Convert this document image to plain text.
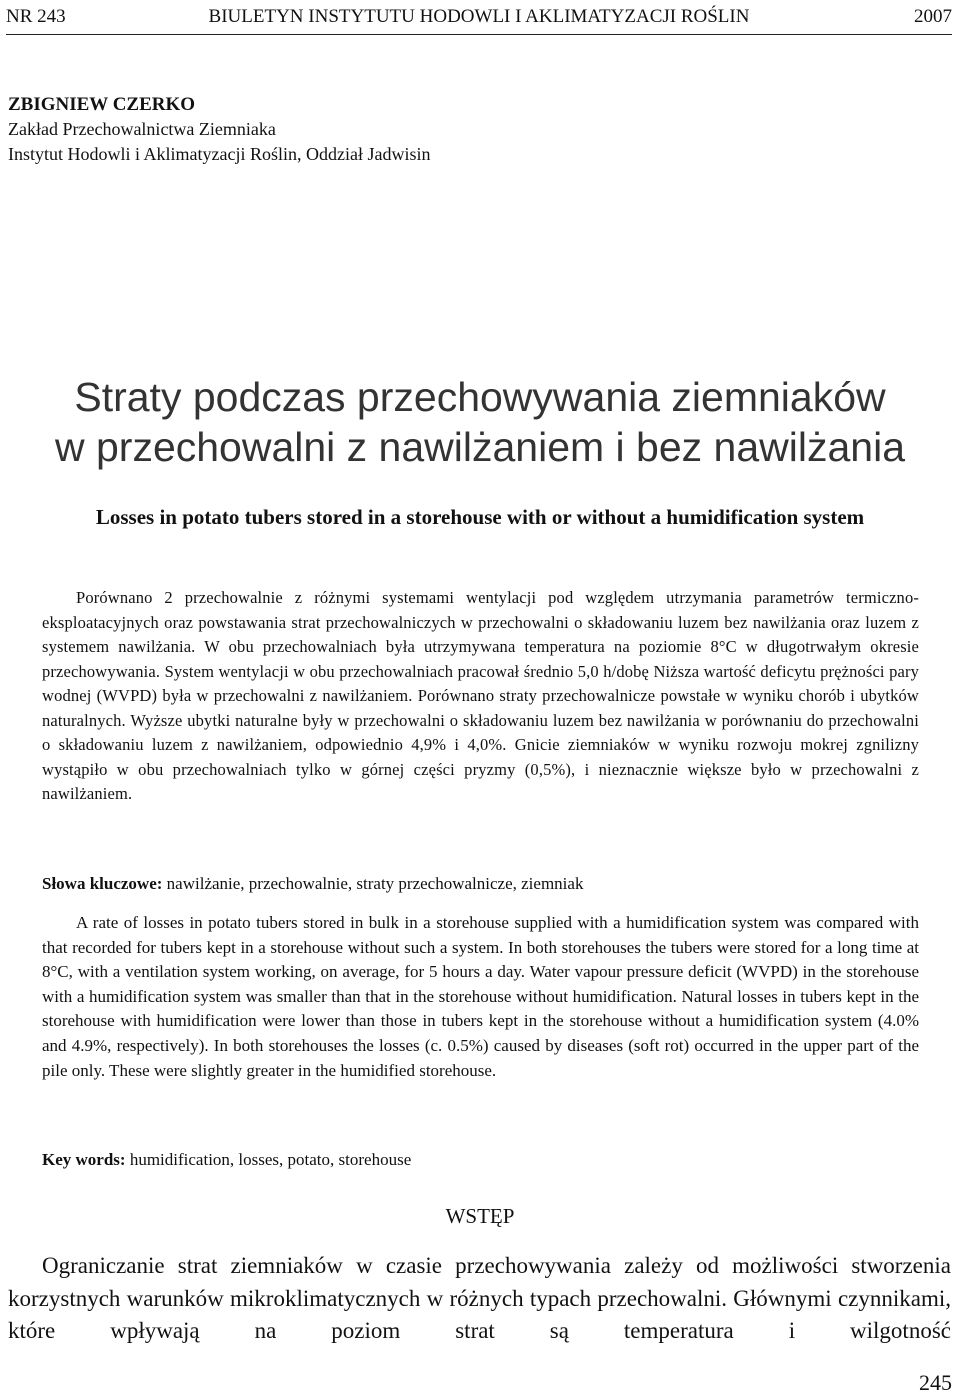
NR 243	BIULETYN INSTYTUTU HODOWLI I AKLIMATYZACJI ROŚLIN	2007
ZBIGNIEW CZERKO
Zakład Przechowalnictwa Ziemniaka
Instytut Hodowli i Aklimatyzacji Roślin, Oddział Jadwisin
Straty podczas przechowywania ziemniaków
w przechowalni z nawilżaniem i bez nawilżania
Losses in potato tubers stored in a storehouse with or without a humidification system
Porównano 2 przechowalnie z różnymi systemami wentylacji pod względem utrzymania parametrów termiczno-eksploatacyjnych oraz powstawania strat przechowalniczych w przechowalni o składowaniu luzem bez nawilżania oraz luzem z systemem nawilżania. W obu przechowalniach była utrzymywana temperatura na poziomie 8°C w długotrwałym okresie przechowywania. System wentylacji w obu przechowalniach pracował średnio 5,0 h/dobę Niższa wartość deficytu prężności pary wodnej (WVPD) była w przechowalni z nawilżaniem. Porównano straty przechowalnicze powstałe w wyniku chorób i ubytków naturalnych. Wyższe ubytki naturalne były w przechowalni o składowaniu luzem bez nawilżania w porównaniu do przechowalni o składowaniu luzem z nawilżaniem, odpowiednio 4,9% i 4,0%. Gnicie ziemniaków w wyniku rozwoju mokrej zgnilizny wystąpiło w obu przechowalniach tylko w górnej części pryzmy (0,5%), i nieznacznie większe było w przechowalni z nawilżaniem.
Słowa kluczowe: nawilżanie, przechowalnie, straty przechowalnicze, ziemniak
A rate of losses in potato tubers stored in bulk in a storehouse supplied with a humidification system was compared with that recorded for tubers kept in a storehouse without such a system. In both storehouses the tubers were stored for a long time at 8°C, with a ventilation system working, on average, for 5 hours a day. Water vapour pressure deficit (WVPD) in the storehouse with a humidification system was smaller than that in the storehouse without humidification. Natural losses in tubers kept in the storehouse with humidification were lower than those in tubers kept in the storehouse without a humidification system (4.0% and 4.9%, respectively). In both storehouses the losses (c. 0.5%) caused by diseases (soft rot) occurred in the upper part of the pile only. These were slightly greater in the humidified storehouse.
Key words: humidification, losses, potato, storehouse
WSTĘP
Ograniczanie strat ziemniaków w czasie przechowywania zależy od możliwości stworzenia korzystnych warunków mikroklimatycznych w różnych typach przechowalni. Głównymi czynnikami, które wpływają na poziom strat są temperatura i wilgotność
245
